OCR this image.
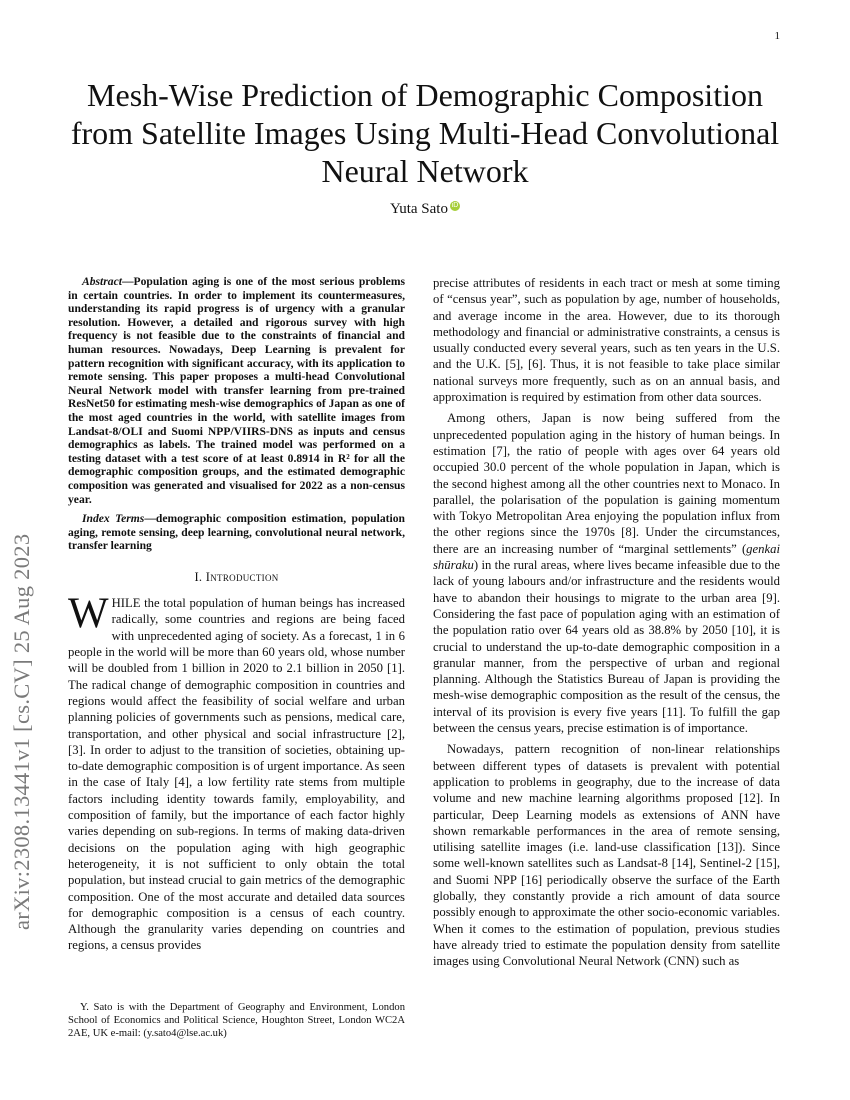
1
arXiv:2308.13441v1 [cs.CV] 25 Aug 2023
Mesh-Wise Prediction of Demographic Composition from Satellite Images Using Multi-Head Convolutional Neural Network
Yuta Sato iD

Abstract—Population aging is one of the most serious problems in certain countries. In order to implement its countermeasures, understanding its rapid progress is of urgency with a granular resolution. However, a detailed and rigorous survey with high frequency is not feasible due to the constraints of financial and human resources. Nowadays, Deep Learning is prevalent for pattern recognition with significant accuracy, with its application to remote sensing. This paper proposes a multi-head Convolutional Neural Network model with transfer learning from pre-trained ResNet50 for estimating mesh-wise demographics of Japan as one of the most aged countries in the world, with satellite images from Landsat-8/OLI and Suomi NPP/VIIRS-DNS as inputs and census demographics as labels. The trained model was performed on a testing dataset with a test score of at least 0.8914 in R² for all the demographic composition groups, and the estimated demographic composition was generated and visualised for 2022 as a non-census year.

Index Terms—demographic composition estimation, population aging, remote sensing, deep learning, convolutional neural network, transfer learning

I. Introduction

WHILE the total population of human beings has increased radically, some countries and regions are being faced with unprecedented aging of society. As a forecast, 1 in 6 people in the world will be more than 60 years old, whose number will be doubled from 1 billion in 2020 to 2.1 billion in 2050 [1]. The radical change of demographic composition in countries and regions would affect the feasibility of social welfare and urban planning policies of governments such as pensions, medical care, transportation, and other physical and social infrastructure [2], [3]. In order to adjust to the transition of societies, obtaining up-to-date demographic composition is of urgent importance. As seen in the case of Italy [4], a low fertility rate stems from multiple factors including identity towards family, employability, and composition of family, but the importance of each factor highly varies depending on sub-regions. In terms of making data-driven decisions on the population aging with high geographic heterogeneity, it is not sufficient to only obtain the total population, but instead crucial to gain metrics of the demographic composition. One of the most accurate and detailed data sources for demographic composition is a census of each country. Although the granularity varies depending on countries and regions, a census provides

Y. Sato is with the Department of Geography and Environment, London School of Economics and Political Science, Houghton Street, London WC2A 2AE, UK e-mail: (y.sato4@lse.ac.uk)

precise attributes of residents in each tract or mesh at some timing of “census year”, such as population by age, number of households, and average income in the area. However, due to its thorough methodology and financial or administrative constraints, a census is usually conducted every several years, such as ten years in the U.S. and the U.K. [5], [6]. Thus, it is not feasible to take place similar national surveys more frequently, such as on an annual basis, and approximation is required by estimation from other data sources.

Among others, Japan is now being suffered from the unprecedented population aging in the history of human beings. In estimation [7], the ratio of people with ages over 64 years old occupied 30.0 percent of the whole population in Japan, which is the second highest among all the other countries next to Monaco. In parallel, the polarisation of the population is gaining momentum with Tokyo Metropolitan Area enjoying the population influx from the other regions since the 1970s [8]. Under the circumstances, there are an increasing number of “marginal settlements” (genkai shūraku) in the rural areas, where lives became infeasible due to the lack of young labours and/or infrastructure and the residents would have to abandon their housings to migrate to the urban area [9]. Considering the fast pace of population aging with an estimation of the population ratio over 64 years old as 38.8% by 2050 [10], it is crucial to understand the up-to-date demographic composition in a granular manner, from the perspective of urban and regional planning. Although the Statistics Bureau of Japan is providing the mesh-wise demographic composition as the result of the census, the interval of its provision is every five years [11]. To fulfill the gap between the census years, precise estimation is of importance.

Nowadays, pattern recognition of non-linear relationships between different types of datasets is prevalent with potential application to problems in geography, due to the increase of data volume and new machine learning algorithms proposed [12]. In particular, Deep Learning models as extensions of ANN have shown remarkable performances in the area of remote sensing, utilising satellite images (i.e. land-use classification [13]). Since some well-known satellites such as Landsat-8 [14], Sentinel-2 [15], and Suomi NPP [16] periodically observe the surface of the Earth globally, they constantly provide a rich amount of data source possibly enough to approximate the other socio-economic variables. When it comes to the estimation of population, previous studies have already tried to estimate the population density from satellite images using Convolutional Neural Network (CNN) such as
